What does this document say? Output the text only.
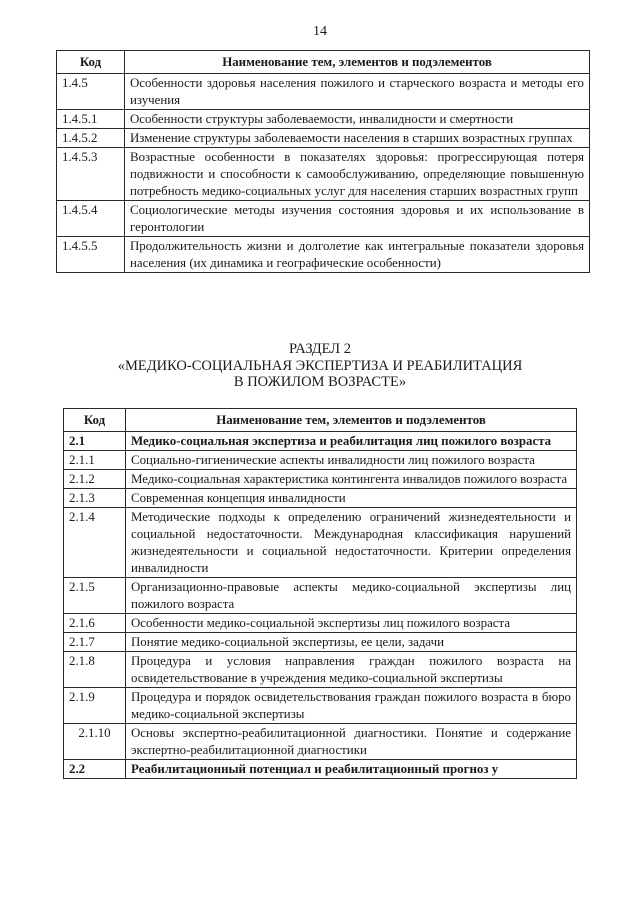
14
Код	Наименование тем, элементов и подэлементов
1.4.5	Особенности здоровья населения пожилого и старческого возраста и методы его изучения
1.4.5.1	Особенности структуры заболеваемости, инвалидности и смертности
1.4.5.2	Изменение структуры заболеваемости населения в старших возрастных группах
1.4.5.3	Возрастные особенности в показателях здоровья: прогрессирующая потеря подвижности и способности к самообслуживанию, определяющие повышенную потребность медико-социальных услуг для населения старших возрастных групп
1.4.5.4	Социологические методы изучения состояния здоровья и их использование в геронтологии
1.4.5.5	Продолжительность жизни и долголетие как интегральные показатели здоровья населения (их динамика и географические особенности)
РАЗДЕЛ 2
«МЕДИКО-СОЦИАЛЬНАЯ ЭКСПЕРТИЗА И РЕАБИЛИТАЦИЯ
В ПОЖИЛОМ ВОЗРАСТЕ»
Код	Наименование тем, элементов и подэлементов
2.1	Медико-социальная экспертиза и реабилитация лиц пожилого возраста
2.1.1	Социально-гигиенические аспекты инвалидности лиц пожилого возраста
2.1.2	Медико-социальная характеристика контингента инвалидов пожилого возраста
2.1.3	Современная концепция инвалидности
2.1.4	Методические подходы к определению ограничений жизнедеятельности и социальной недостаточности. Международная классификация нарушений жизнедеятельности и социальной недостаточности. Критерии определения инвалидности
2.1.5	Организационно-правовые аспекты медико-социальной экспертизы лиц пожилого возраста
2.1.6	Особенности медико-социальной экспертизы лиц пожилого возраста
2.1.7	Понятие медико-социальной экспертизы, ее цели, задачи
2.1.8	Процедура и условия направления граждан пожилого возраста на освидетельствование в учреждения медико-социальной экспертизы
2.1.9	Процедура и порядок освидетельствования граждан пожилого возраста в бюро медико-социальной экспертизы
2.1.10	Основы экспертно-реабилитационной диагностики. Понятие и содержание экспертно-реабилитационной диагностики
2.2	Реабилитационный потенциал и реабилитационный прогноз у
